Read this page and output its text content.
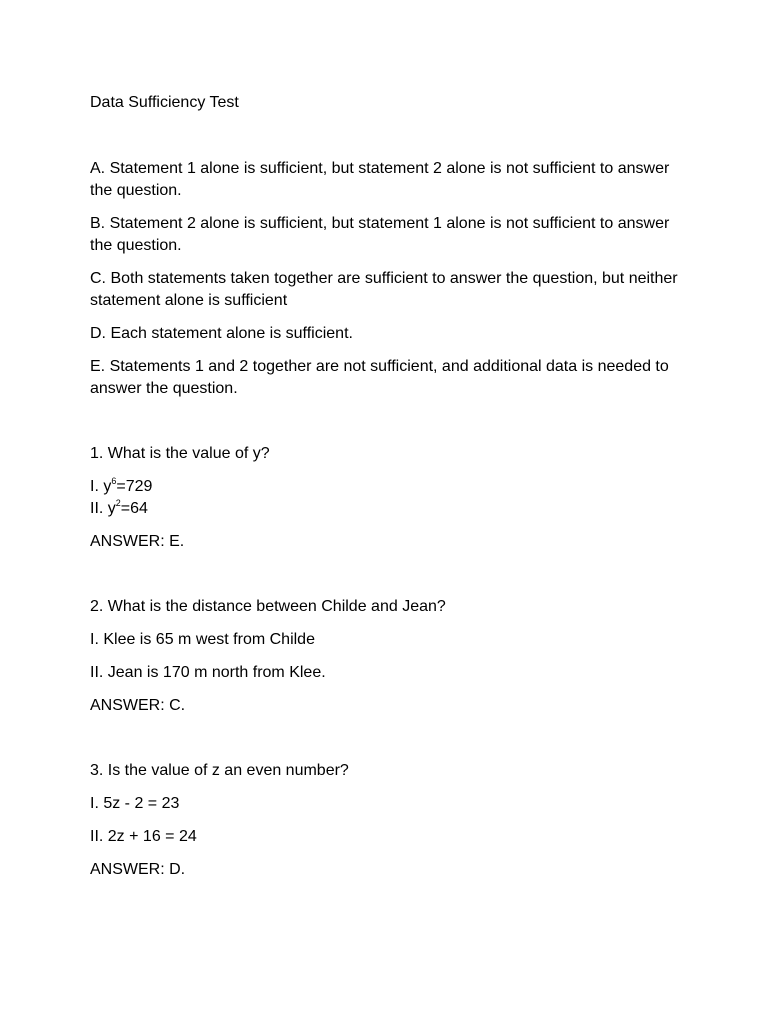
Data Sufficiency Test

A. Statement 1 alone is sufficient, but statement 2 alone is not sufficient to answer the question.

B. Statement 2 alone is sufficient, but statement 1 alone is not sufficient to answer the question.

C. Both statements taken together are sufficient to answer the question, but neither statement alone is sufficient

D. Each statement alone is sufficient.

E. Statements 1 and 2 together are not sufficient, and additional data is needed to answer the question.

1. What is the value of y?

I. $y^6=729$

II. $y^2=64$

ANSWER: E.

2. What is the distance between Childe and Jean?

I. Klee is 65 m west from Childe

II. Jean is 170 m north from Klee.

ANSWER: C.

3. Is the value of z an even number?

I. 5z - 2 = 23

II. 2z + 16 = 24

ANSWER: D.
